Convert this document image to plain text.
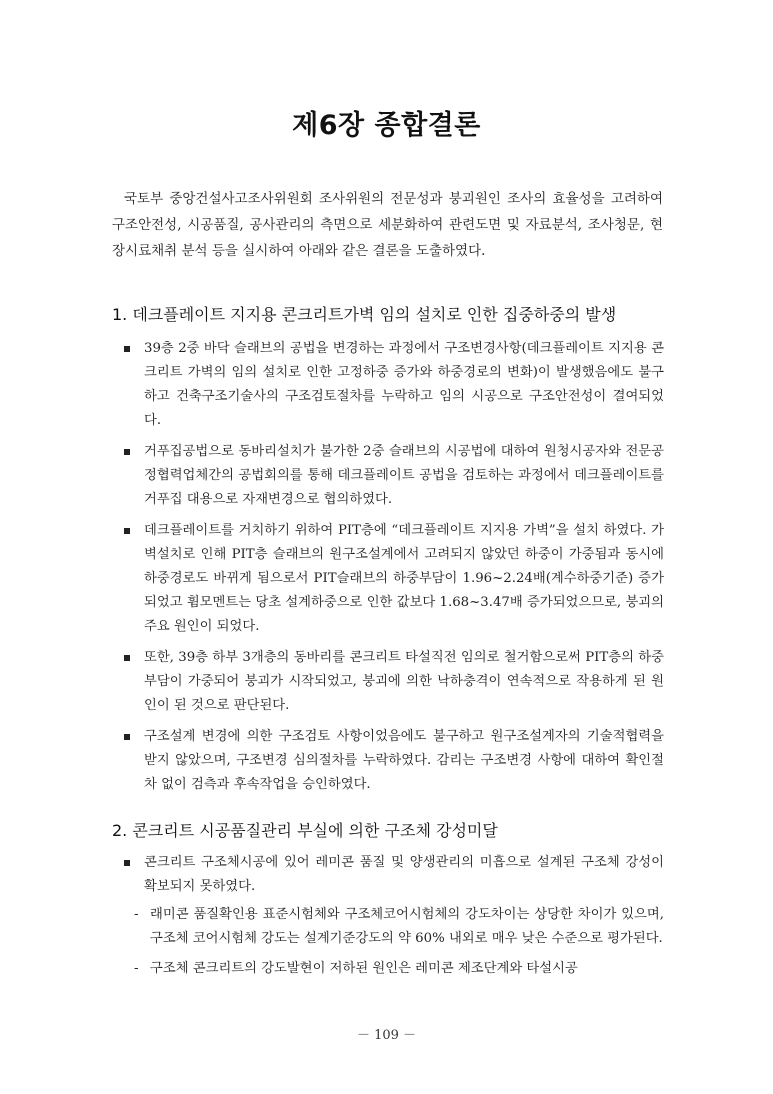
제6장 종합결론

국토부 중앙건설사고조사위원회 조사위원의 전문성과 붕괴원인 조사의 효율성을 고려하여 구조안전성, 시공품질, 공사관리의 측면으로 세분화하여 관련도면 및 자료분석, 조사청문, 현장시료채취 분석 등을 실시하여 아래와 같은 결론을 도출하였다.

1. 데크플레이트 지지용 콘크리트가벽 임의 설치로 인한 집중하중의 발생
39층 2중 바닥 슬래브의 공법을 변경하는 과정에서 구조변경사항(데크플레이트 지지용 콘크리트 가벽의 임의 설치로 인한 고정하중 증가와 하중경로의 변화)이 발생했음에도 불구하고 건축구조기술사의 구조검토절차를 누락하고 임의 시공으로 구조안전성이 결여되었다.
거푸집공법으로 동바리설치가 불가한 2중 슬래브의 시공법에 대하여 원청시공자와 전문공정협력업체간의 공법회의를 통해 데크플레이트 공법을 검토하는 과정에서 데크플레이트를 거푸집 대용으로 자재변경으로 협의하였다.
데크플레이트를 거치하기 위하여 PIT층에 “데크플레이트 지지용 가벽”을 설치 하였다. 가벽설치로 인해 PIT층 슬래브의 원구조설계에서 고려되지 않았던 하중이 가중됨과 동시에 하중경로도 바뀌게 됨으로서 PIT슬래브의 하중부담이 1.96~2.24배(계수하중기준) 증가되었고 휨모멘트는 당초 설계하중으로 인한 값보다 1.68~3.47배 증가되었으므로, 붕괴의 주요 원인이 되었다.
또한, 39층 하부 3개층의 동바리를 콘크리트 타설직전 임의로 철거함으로써 PIT층의 하중 부담이 가중되어 붕괴가 시작되었고, 붕괴에 의한 낙하충격이 연속적으로 작용하게 된 원인이 된 것으로 판단된다.
구조설계 변경에 의한 구조검토 사항이었음에도 불구하고 원구조설계자의 기술적협력을 받지 않았으며, 구조변경 심의절차를 누락하였다. 감리는 구조변경 사항에 대하여 확인절차 없이 검측과 후속작업을 승인하였다.
2. 콘크리트 시공품질관리 부실에 의한 구조체 강성미달
콘크리트 구조체시공에 있어 레미콘 품질 및 양생관리의 미흡으로 설계된 구조체 강성이 확보되지 못하였다.
- 래미콘 품질확인용 표준시험체와 구조체코어시험체의 강도차이는 상당한 차이가 있으며, 구조체 코어시험체 강도는 설계기준강도의 약 60% 내외로 매우 낮은 수준으로 평가된다.
- 구조체 콘크리트의 강도발현이 저하된 원인은 레미콘 제조단계와 타설시공
－ 109 －
